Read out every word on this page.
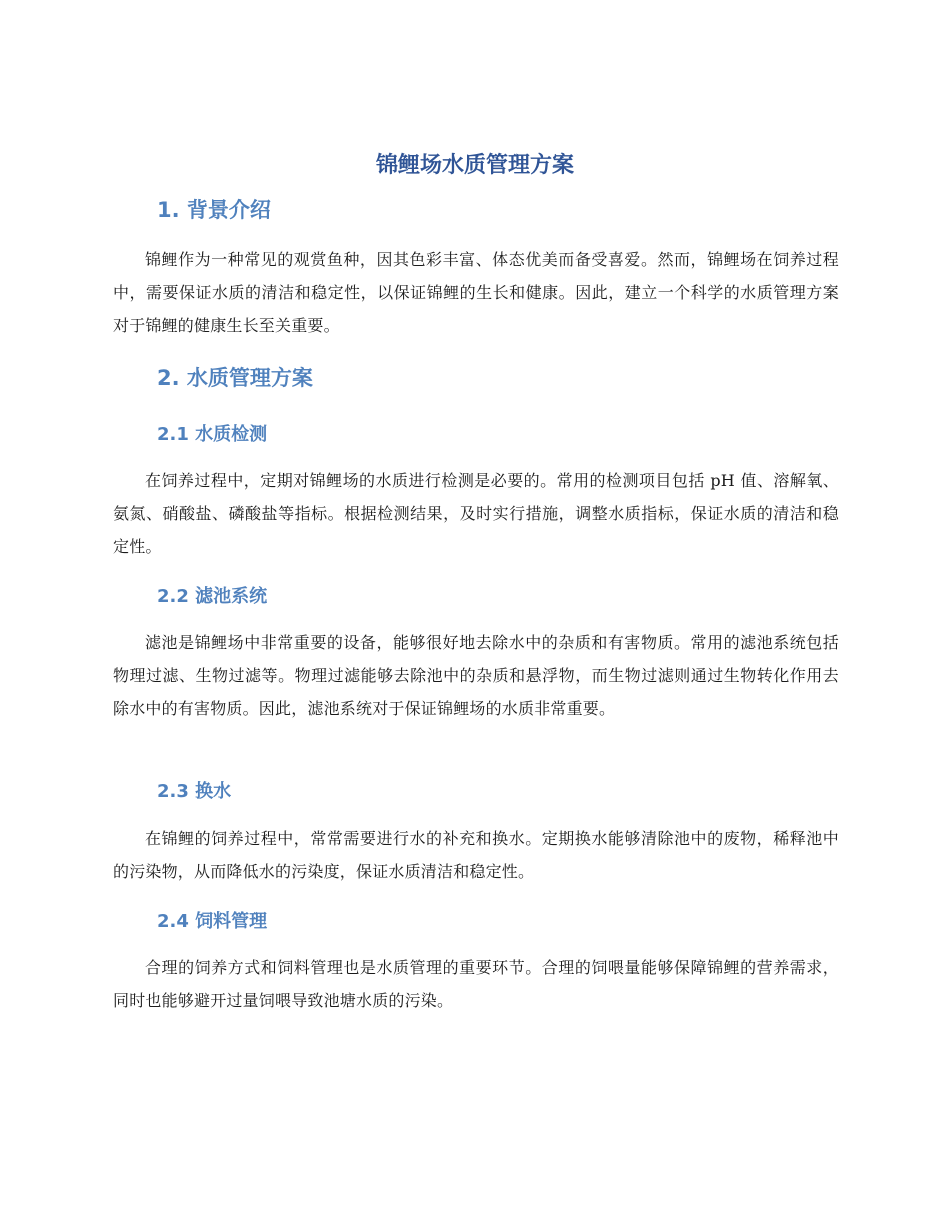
锦鲤场水质管理方案
1. 背景介绍

锦鲤作为一种常见的观赏鱼种，因其色彩丰富、体态优美而备受喜爱。然而，锦鲤场在饲养过程中，需要保证水质的清洁和稳定性，以保证锦鲤的生长和健康。因此，建立一个科学的水质管理方案对于锦鲤的健康生长至关重要。

2. 水质管理方案
2.1 水质检测

在饲养过程中，定期对锦鲤场的水质进行检测是必要的。常用的检测项目包括 pH 值、溶解氧、氨氮、硝酸盐、磷酸盐等指标。根据检测结果，及时实行措施，调整水质指标，保证水质的清洁和稳定性。

2.2 滤池系统

滤池是锦鲤场中非常重要的设备，能够很好地去除水中的杂质和有害物质。常用的滤池系统包括物理过滤、生物过滤等。物理过滤能够去除池中的杂质和悬浮物，而生物过滤则通过生物转化作用去除水中的有害物质。因此，滤池系统对于保证锦鲤场的水质非常重要。

2.3 换水

在锦鲤的饲养过程中，常常需要进行水的补充和换水。定期换水能够清除池中的废物，稀释池中的污染物，从而降低水的污染度，保证水质清洁和稳定性。

2.4 饲料管理

合理的饲养方式和饲料管理也是水质管理的重要环节。合理的饲喂量能够保障锦鲤的营养需求，同时也能够避开过量饲喂导致池塘水质的污染。
